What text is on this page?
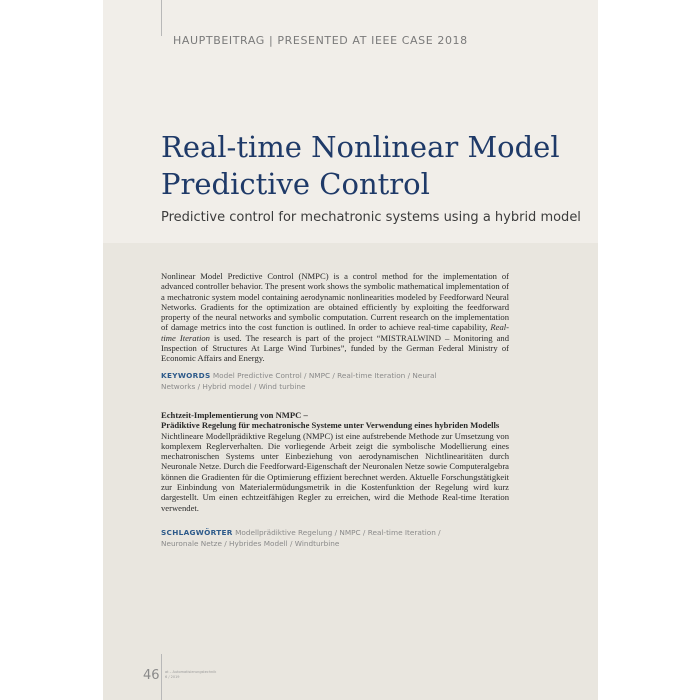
HAUPTBEITRAG | PRESENTED AT IEEE CASE 2018
Real-time Nonlinear Model Predictive Control
Predictive control for mechatronic systems using a hybrid model
Nonlinear Model Predictive Control (NMPC) is a control method for the implementation of advanced controller behavior. The present work shows the symbolic mathematical implementation of a mechatronic system model containing aerodynamic nonlinearities modeled by Feedforward Neural Networks. Gradients for the optimization are obtained efficiently by exploiting the feedforward property of the neural networks and symbolic computation. Current research on the implementation of damage metrics into the cost function is outlined. In order to achieve real-time capability, Real-time Iteration is used. The research is part of the project “MISTRALWIND – Monitoring and Inspection of Structures At Large Wind Turbines”, funded by the German Federal Ministry of Economic Affairs and Energy.
KEYWORDS Model Predictive Control / NMPC / Real-time Iteration / Neural Networks / Hybrid model / Wind turbine
Echtzeit-Implementierung von NMPC –
Prädiktive Regelung für mechatronische Systeme unter Verwendung eines hybriden Modells
Nichtlineare Modellprädiktive Regelung (NMPC) ist eine aufstrebende Methode zur Umsetzung von komplexem Reglerverhalten. Die vorliegende Arbeit zeigt die symbolische Modellierung eines mechatronischen Systems unter Einbeziehung von aerodynamischen Nichtlinearitäten durch Neuronale Netze. Durch die Feedforward-Eigenschaft der Neuronalen Netze sowie Computeralgebra können die Gradienten für die Optimierung effizient berechnet werden. Aktuelle Forschungstätigkeit zur Einbindung von Materialermüdungsmetrik in die Kostenfunktion der Regelung wird kurz dargestellt. Um einen echtzeitfähigen Regler zu erreichen, wird die Methode Real-time Iteration verwendet.
SCHLAGWÖRTER Modellprädiktive Regelung / NMPC / Real-time Iteration / Neuronale Netze / Hybrides Modell / Windturbine
46 at – Automatisierungstechnik
6 / 2019
